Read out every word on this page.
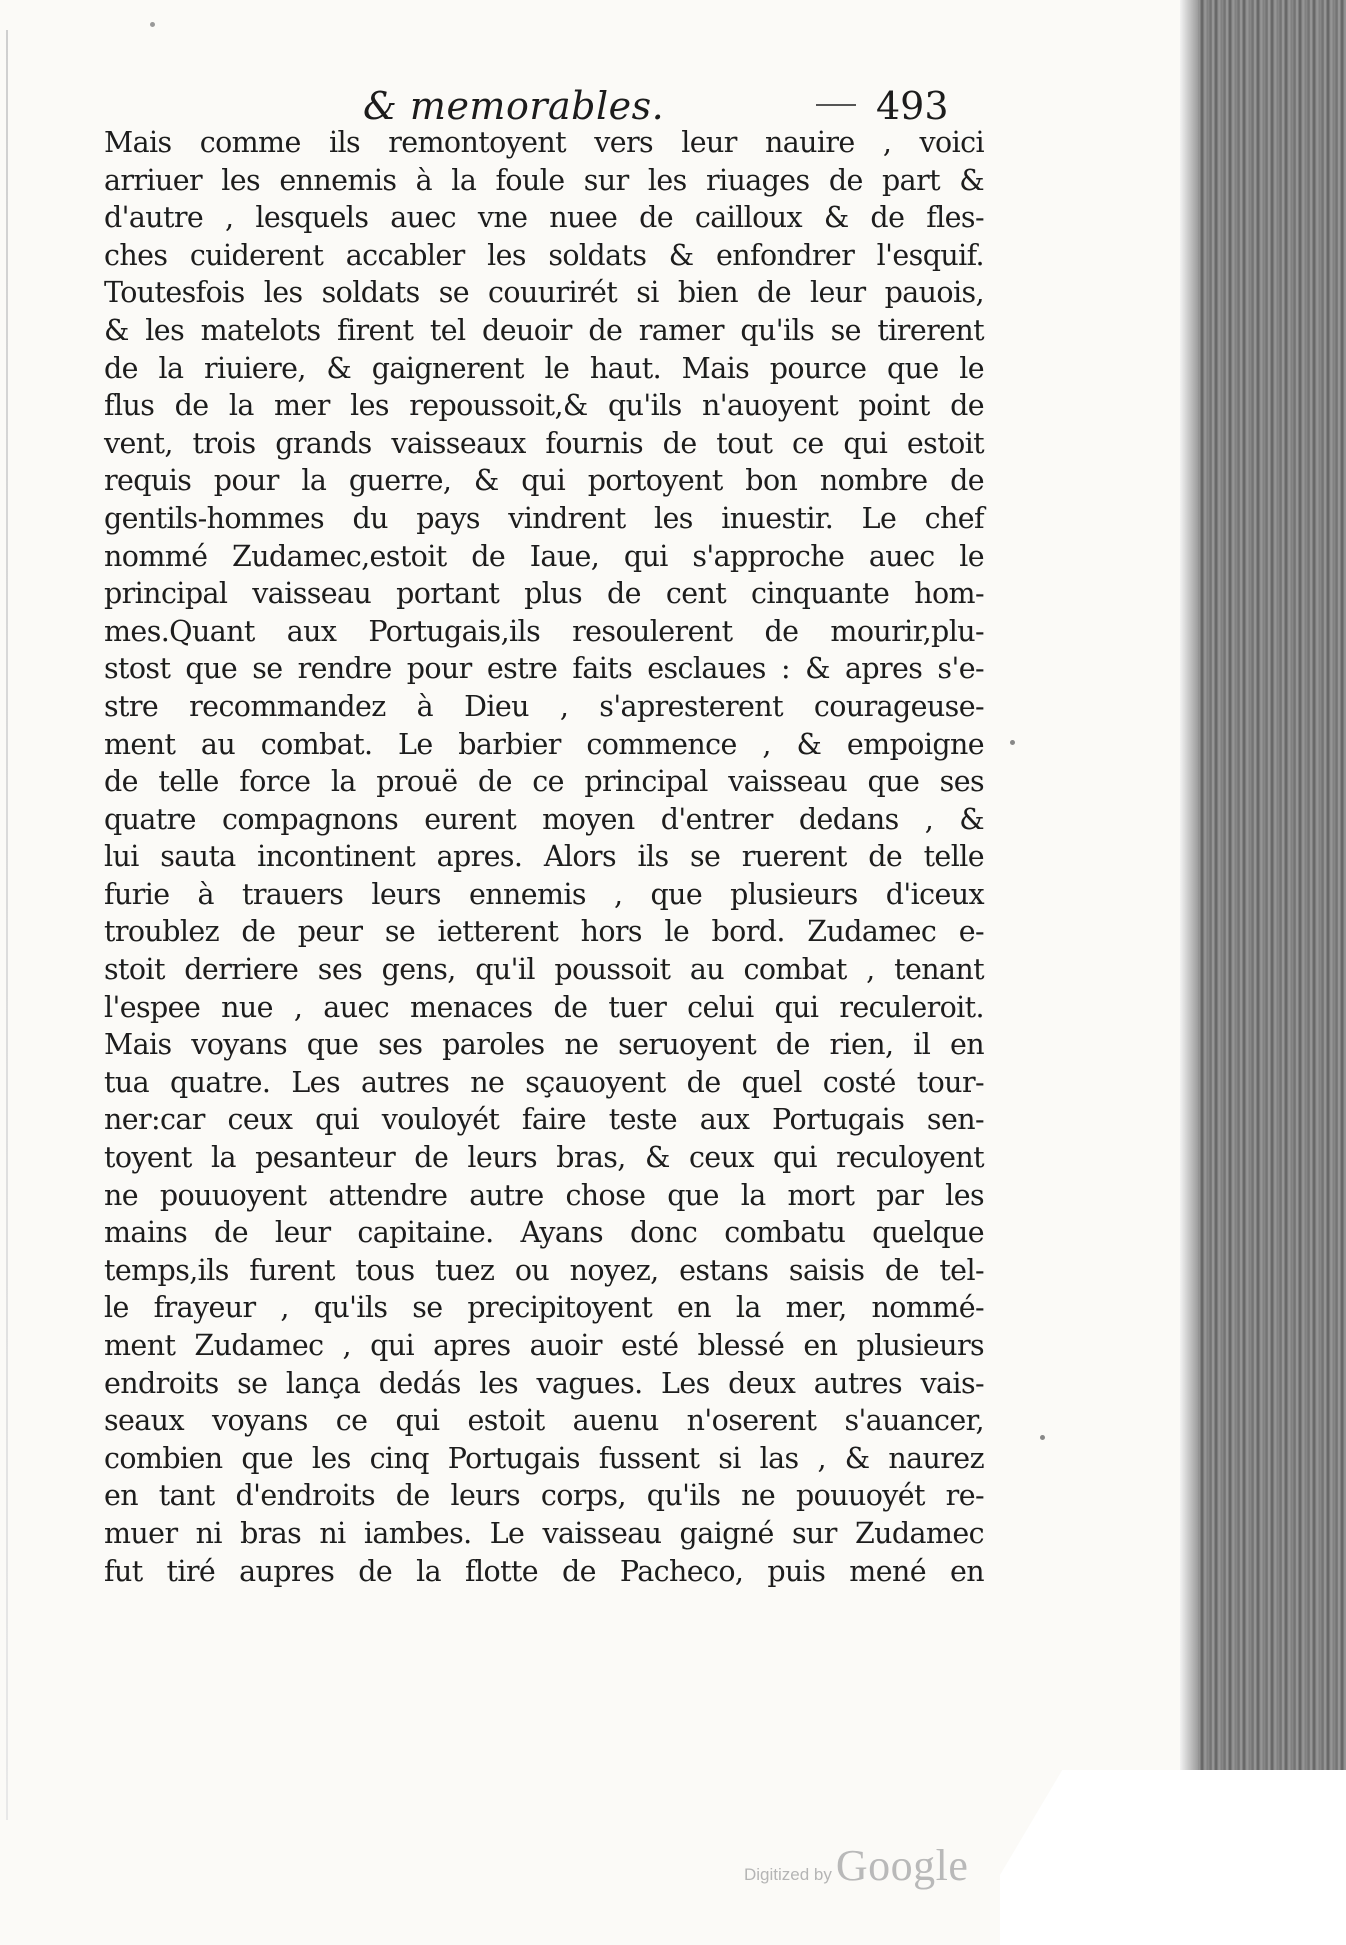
& memorables.	493
Mais comme ils remontoyent vers leur nauire , voici
arriuer les ennemis à la foule sur les riuages de part &
d'autre , lesquels auec vne nuee de cailloux & de fles-
ches cuiderent accabler les soldats & enfondrer l'esquif.
Toutesfois les soldats se couurirét si bien de leur pauois,
& les matelots firent tel deuoir de ramer qu'ils se tirerent
de la riuiere, & gaignerent le haut. Mais pource que le
flus de la mer les repoussoit,& qu'ils n'auoyent point de
vent, trois grands vaisseaux fournis de tout ce qui estoit
requis pour la guerre, & qui portoyent bon nombre de
gentils-hommes du pays vindrent les inuestir. Le chef
nommé Zudamec,estoit de Iaue, qui s'approche auec le
principal vaisseau portant plus de cent cinquante hom-
mes.Quant aux Portugais,ils resoulerent de mourir,plu-
stost que se rendre pour estre faits esclaues : & apres s'e-
stre recommandez à Dieu , s'apresterent courageuse-
ment au combat. Le barbier commence , & empoigne
de telle force la prouë de ce principal vaisseau que ses
quatre compagnons eurent moyen d'entrer dedans , &
lui sauta incontinent apres. Alors ils se ruerent de telle
furie à trauers leurs ennemis , que plusieurs d'iceux
troublez de peur se ietterent hors le bord. Zudamec e-
stoit derriere ses gens, qu'il poussoit au combat , tenant
l'espee nue , auec menaces de tuer celui qui reculeroit.
Mais voyans que ses paroles ne seruoyent de rien, il en
tua quatre. Les autres ne sçauoyent de quel costé tour-
ner:car ceux qui vouloyét faire teste aux Portugais sen-
toyent la pesanteur de leurs bras, & ceux qui reculoyent
ne pouuoyent attendre autre chose que la mort par les
mains de leur capitaine. Ayans donc combatu quelque
temps,ils furent tous tuez ou noyez, estans saisis de tel-
le frayeur , qu'ils se precipitoyent en la mer, nommé-
ment Zudamec , qui apres auoir esté blessé en plusieurs
endroits se lança dedás les vagues. Les deux autres vais-
seaux voyans ce qui estoit auenu n'oserent s'auancer,
combien que les cinq Portugais fussent si las , & naurez
en tant d'endroits de leurs corps, qu'ils ne pouuoyét re-
muer ni bras ni iambes. Le vaisseau gaigné sur Zudamec
fut tiré aupres de la flotte de Pacheco, puis mené en
Digitized by Google
